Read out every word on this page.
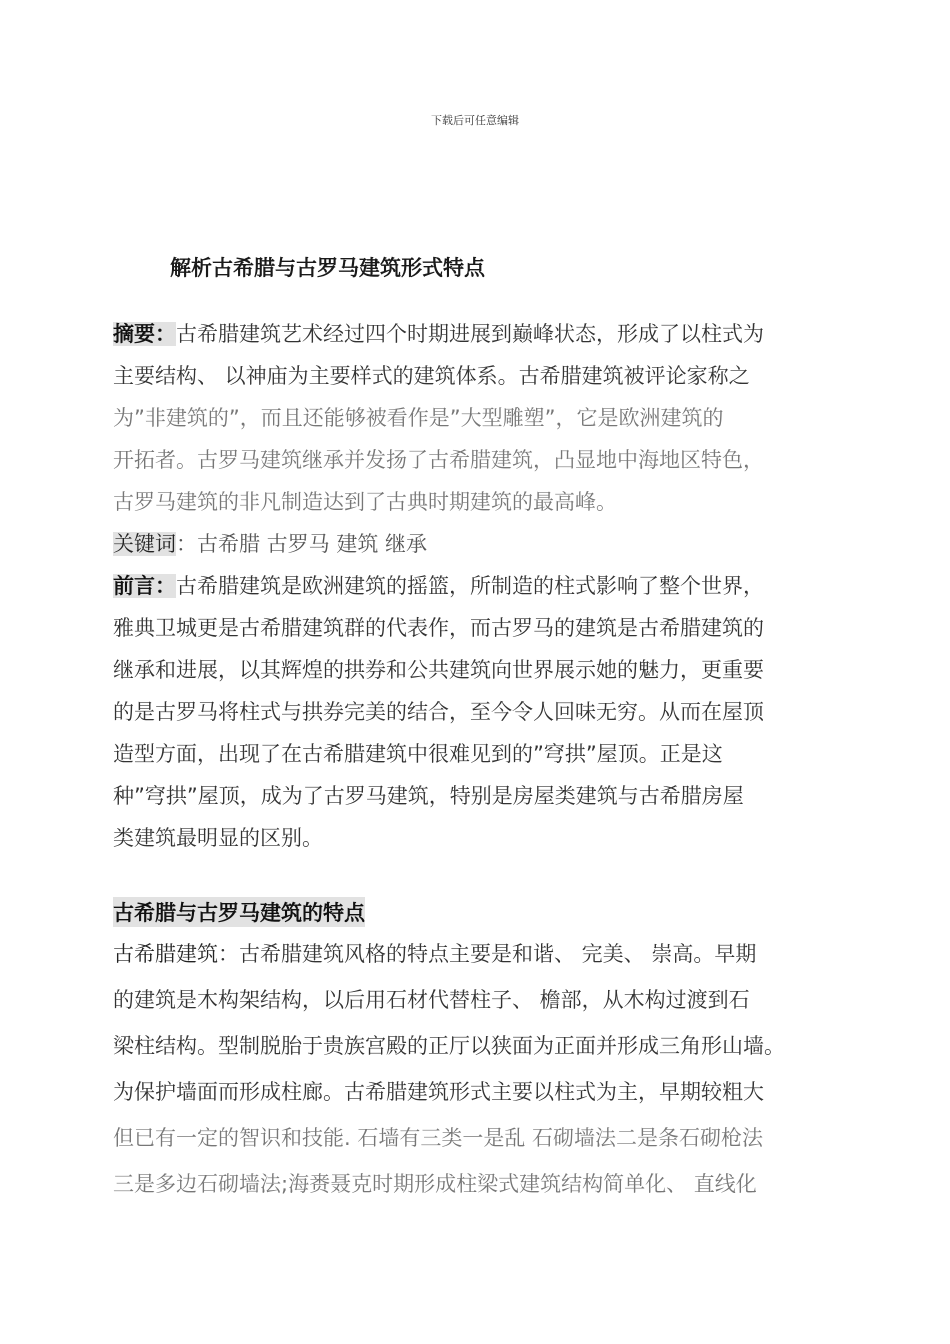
下载后可任意编辑
解析古希腊与古罗马建筑形式特点
摘要：古希腊建筑艺术经过四个时期进展到巅峰状态，形成了以柱式为
主要结构、 以神庙为主要样式的建筑体系。古希腊建筑被评论家称之
为”非建筑的”，而且还能够被看作是”大型雕塑”，它是欧洲建筑的
开拓者。古罗马建筑继承并发扬了古希腊建筑，凸显地中海地区特色，
古罗马建筑的非凡制造达到了古典时期建筑的最高峰。
关键词：古希腊 古罗马 建筑 继承
前言：古希腊建筑是欧洲建筑的摇篮，所制造的柱式影响了整个世界，
雅典卫城更是古希腊建筑群的代表作，而古罗马的建筑是古希腊建筑的
继承和进展，以其辉煌的拱券和公共建筑向世界展示她的魅力，更重要
的是古罗马将柱式与拱券完美的结合，至今令人回味无穷。从而在屋顶
造型方面，出现了在古希腊建筑中很难见到的”穹拱”屋顶。正是这
种”穹拱”屋顶，成为了古罗马建筑，特别是房屋类建筑与古希腊房屋
类建筑最明显的区别。
古希腊与古罗马建筑的特点
古希腊建筑：古希腊建筑风格的特点主要是和谐、 完美、 崇高。早期
的建筑是木构架结构，以后用石材代替柱子、 檐部，从木构过渡到石
梁柱结构。型制脱胎于贵族宫殿的正厅以狭面为正面并形成三角形山墙。
为保护墙面而形成柱廊。古希腊建筑形式主要以柱式为主，早期较粗大
但已有一定的智识和技能. 石墙有三类一是乱 石砌墙法二是条石砌枪法
三是多边石砌墙法;海赉聂克时期形成柱梁式建筑结构简单化、 直线化
